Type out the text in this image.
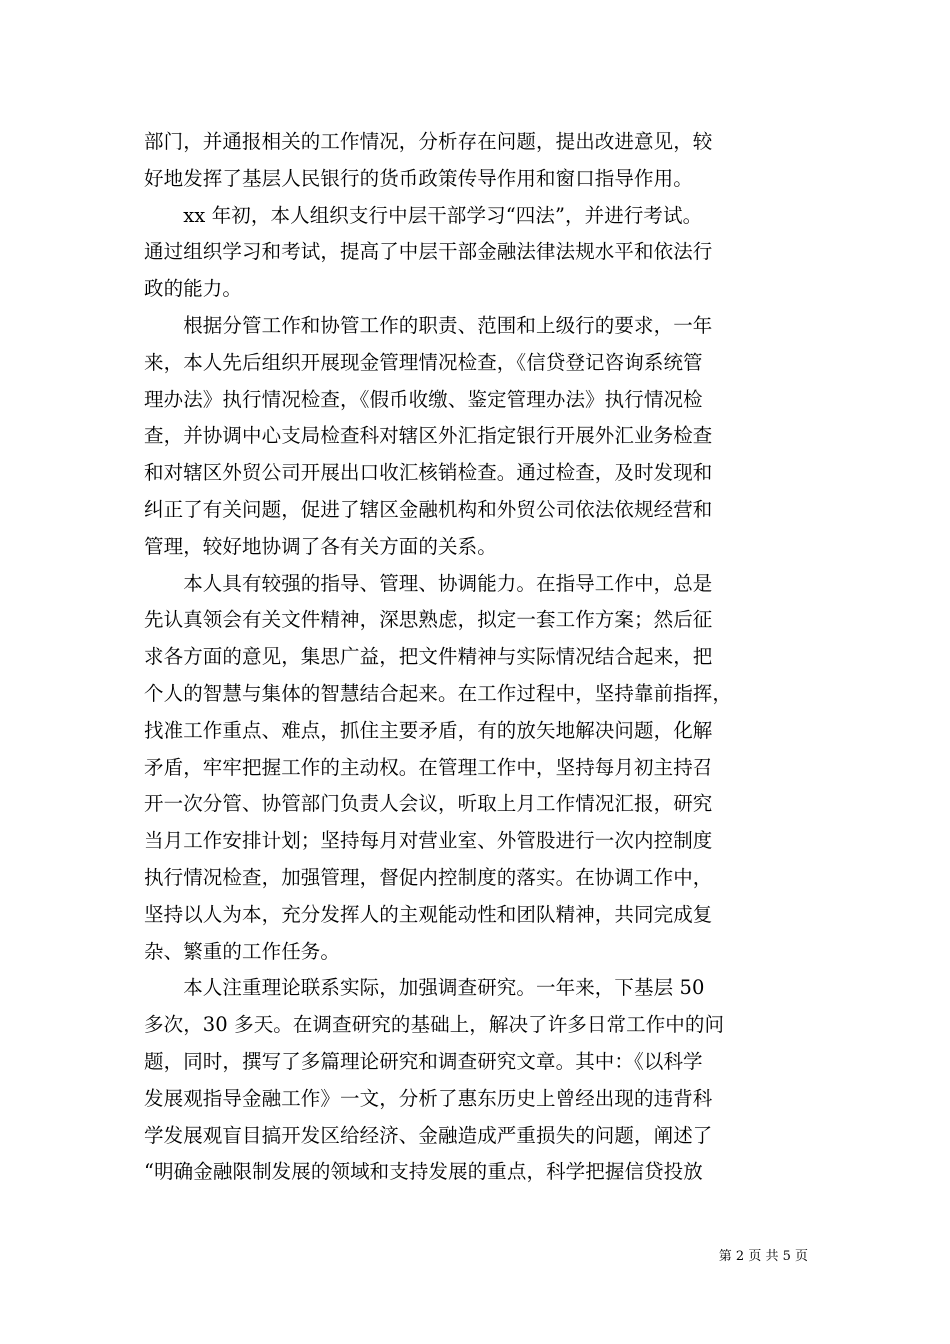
部门，并通报相关的工作情况，分析存在问题，提出改进意见，较
好地发挥了基层人民银行的货币政策传导作用和窗口指导作用。
　　xx 年初，本人组织支行中层干部学习“四法”，并进行考试。
通过组织学习和考试，提高了中层干部金融法律法规水平和依法行
政的能力。
　　根据分管工作和协管工作的职责、范围和上级行的要求，一年
来，本人先后组织开展现金管理情况检查，《信贷登记咨询系统管
理办法》执行情况检查，《假币收缴、鉴定管理办法》执行情况检
查，并协调中心支局检查科对辖区外汇指定银行开展外汇业务检查
和对辖区外贸公司开展出口收汇核销检查。通过检查，及时发现和
纠正了有关问题，促进了辖区金融机构和外贸公司依法依规经营和
管理，较好地协调了各有关方面的关系。
　　本人具有较强的指导、管理、协调能力。在指导工作中，总是
先认真领会有关文件精神，深思熟虑，拟定一套工作方案；然后征
求各方面的意见，集思广益，把文件精神与实际情况结合起来，把
个人的智慧与集体的智慧结合起来。在工作过程中，坚持靠前指挥，
找准工作重点、难点，抓住主要矛盾，有的放矢地解决问题，化解
矛盾，牢牢把握工作的主动权。在管理工作中，坚持每月初主持召
开一次分管、协管部门负责人会议，听取上月工作情况汇报，研究
当月工作安排计划；坚持每月对营业室、外管股进行一次内控制度
执行情况检查，加强管理，督促内控制度的落实。在协调工作中，
坚持以人为本，充分发挥人的主观能动性和团队精神，共同完成复
杂、繁重的工作任务。
　　本人注重理论联系实际，加强调查研究。一年来，下基层 50
多次，30 多天。在调查研究的基础上，解决了许多日常工作中的问
题，同时，撰写了多篇理论研究和调查研究文章。其中：《以科学
发展观指导金融工作》一文，分析了惠东历史上曾经出现的违背科
学发展观盲目搞开发区给经济、金融造成严重损失的问题，阐述了
“明确金融限制发展的领域和支持发展的重点，科学把握信贷投放
第 2 页 共 5 页
